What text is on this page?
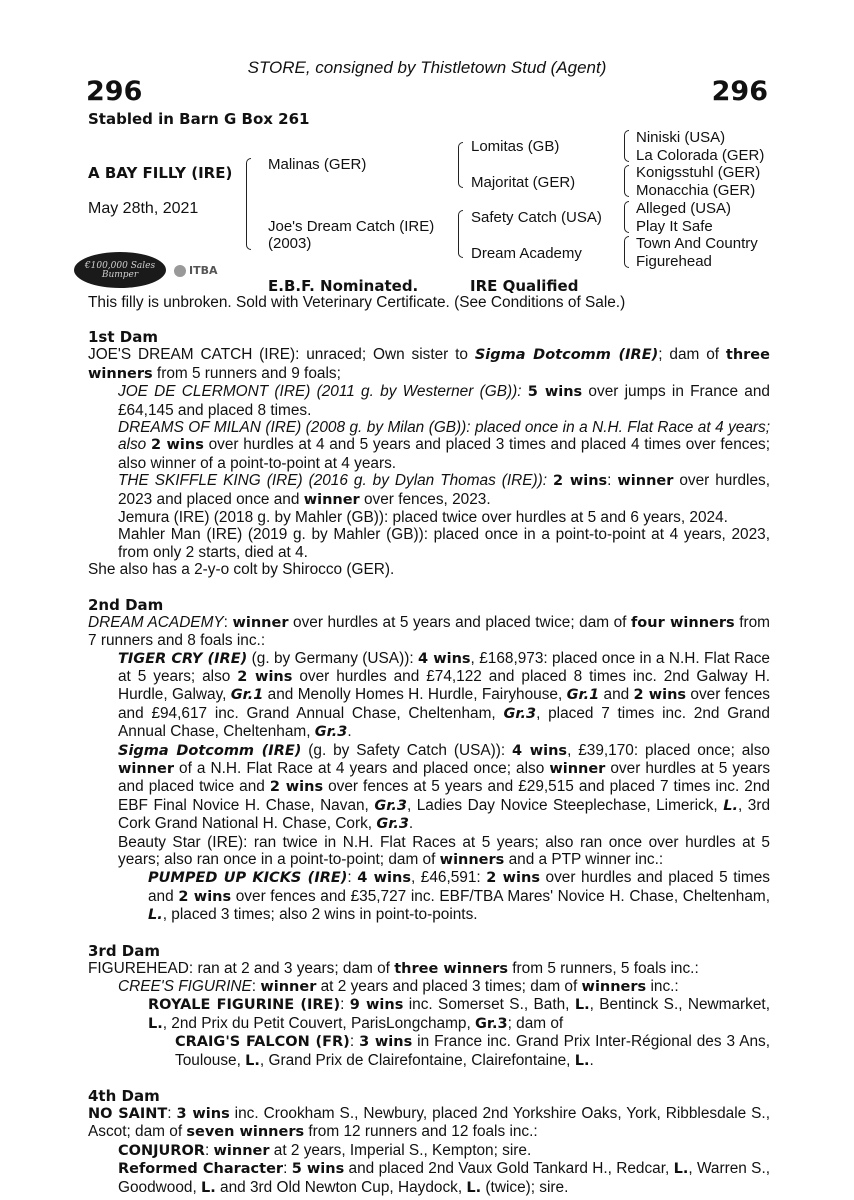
STORE, consigned by Thistletown Stud (Agent)
296	296
Stabled in Barn G Box 261
A BAY FILLY (IRE)
May 28th, 2021
Malinas (GER)
Joe's Dream Catch (IRE)
(2003)
Lomitas (GB)
Majoritat (GER)
Safety Catch (USA)
Dream Academy
Niniski (USA)
La Colorada (GER)
Konigsstuhl (GER)
Monacchia (GER)
Alleged (USA)
Play It Safe
Town And Country
Figurehead
€100,000 Sales Bumper	ITBA
E.B.F. Nominated.	IRE Qualified

This filly is unbroken. Sold with Veterinary Certificate. (See Conditions of Sale.)

1st Dam

JOE'S DREAM CATCH (IRE): unraced; Own sister to Sigma Dotcomm (IRE); dam of three winners from 5 runners and 9 foals;

JOE DE CLERMONT (IRE) (2011 g. by Westerner (GB)): 5 wins over jumps in France and £64,145 and placed 8 times.

DREAMS OF MILAN (IRE) (2008 g. by Milan (GB)): placed once in a N.H. Flat Race at 4 years; also 2 wins over hurdles at 4 and 5 years and placed 3 times and placed 4 times over fences; also winner of a point-to-point at 4 years.

THE SKIFFLE KING (IRE) (2016 g. by Dylan Thomas (IRE)): 2 wins: winner over hurdles, 2023 and placed once and winner over fences, 2023.

Jemura (IRE) (2018 g. by Mahler (GB)): placed twice over hurdles at 5 and 6 years, 2024.

Mahler Man (IRE) (2019 g. by Mahler (GB)): placed once in a point-to-point at 4 years, 2023, from only 2 starts, died at 4.

She also has a 2-y-o colt by Shirocco (GER).

2nd Dam

DREAM ACADEMY: winner over hurdles at 5 years and placed twice; dam of four winners from 7 runners and 8 foals inc.:

TIGER CRY (IRE) (g. by Germany (USA)): 4 wins, £168,973: placed once in a N.H. Flat Race at 5 years; also 2 wins over hurdles and £74,122 and placed 8 times inc. 2nd Galway H. Hurdle, Galway, Gr.1 and Menolly Homes H. Hurdle, Fairyhouse, Gr.1 and 2 wins over fences and £94,617 inc. Grand Annual Chase, Cheltenham, Gr.3, placed 7 times inc. 2nd Grand Annual Chase, Cheltenham, Gr.3.

Sigma Dotcomm (IRE) (g. by Safety Catch (USA)): 4 wins, £39,170: placed once; also winner of a N.H. Flat Race at 4 years and placed once; also winner over hurdles at 5 years and placed twice and 2 wins over fences at 5 years and £29,515 and placed 7 times inc. 2nd EBF Final Novice H. Chase, Navan, Gr.3, Ladies Day Novice Steeplechase, Limerick, L., 3rd Cork Grand National H. Chase, Cork, Gr.3.

Beauty Star (IRE): ran twice in N.H. Flat Races at 5 years; also ran once over hurdles at 5 years; also ran once in a point-to-point; dam of winners and a PTP winner inc.:

PUMPED UP KICKS (IRE): 4 wins, £46,591: 2 wins over hurdles and placed 5 times and 2 wins over fences and £35,727 inc. EBF/TBA Mares' Novice H. Chase, Cheltenham, L., placed 3 times; also 2 wins in point-to-points.

3rd Dam

FIGUREHEAD: ran at 2 and 3 years; dam of three winners from 5 runners, 5 foals inc.:

CREE'S FIGURINE: winner at 2 years and placed 3 times; dam of winners inc.:

ROYALE FIGURINE (IRE): 9 wins inc. Somerset S., Bath, L., Bentinck S., Newmarket, L., 2nd Prix du Petit Couvert, ParisLongchamp, Gr.3; dam of

CRAIG'S FALCON (FR): 3 wins in France inc. Grand Prix Inter-Régional des 3 Ans, Toulouse, L., Grand Prix de Clairefontaine, Clairefontaine, L..

4th Dam

NO SAINT: 3 wins inc. Crookham S., Newbury, placed 2nd Yorkshire Oaks, York, Ribblesdale S., Ascot; dam of seven winners from 12 runners and 12 foals inc.:

CONJUROR: winner at 2 years, Imperial S., Kempton; sire.

Reformed Character: 5 wins and placed 2nd Vaux Gold Tankard H., Redcar, L., Warren S., Goodwood, L. and 3rd Old Newton Cup, Haydock, L. (twice); sire.
